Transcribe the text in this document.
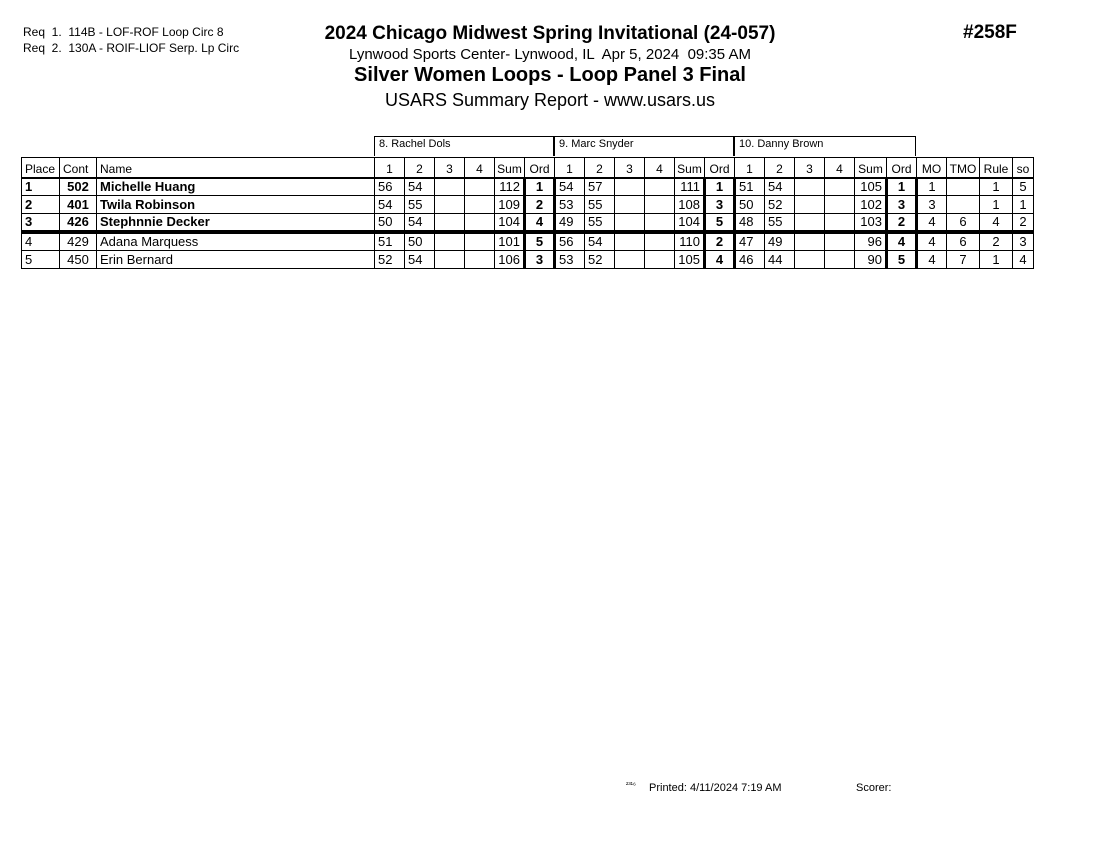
Req  1.  114B - LOF-ROF Loop Circ 8
Req  2.  130A - ROIF-LIOF Serp. Lp Circ
2024 Chicago Midwest Spring Invitational (24-057)
Lynwood Sports Center- Lynwood, IL  Apr 5, 2024  09:35 AM
Silver Women Loops - Loop Panel 3 Final
USARS Summary Report - www.usars.us
#258F
8. Rachel Dols	9. Marc Snyder	10. Danny Brown
Place	Cont	Name	1	2	3	4	Sum	Ord	1	2	3	4	Sum	Ord	1	2	3	4	Sum	Ord	MO	TMO	Rule	so
1	502	Michelle Huang	56	54			112	1	54	57			111	1	51	54			105	1	1		1	5
2	401	Twila Robinson	54	55			109	2	53	55			108	3	50	52			102	3	3		1	1
3	426	Stephnnie Decker	50	54			104	4	49	55			104	5	48	55			103	2	4	6	4	2
4	429	Adana Marquess	51	50			101	5	56	54			110	2	47	49			96	4	4	6	2	3
5	450	Erin Bernard	52	54			106	3	53	52			105	4	46	44			90	5	4	7	1	4
²³¹⁶ Printed: 4/11/2024 7:19 AM	Scorer:
